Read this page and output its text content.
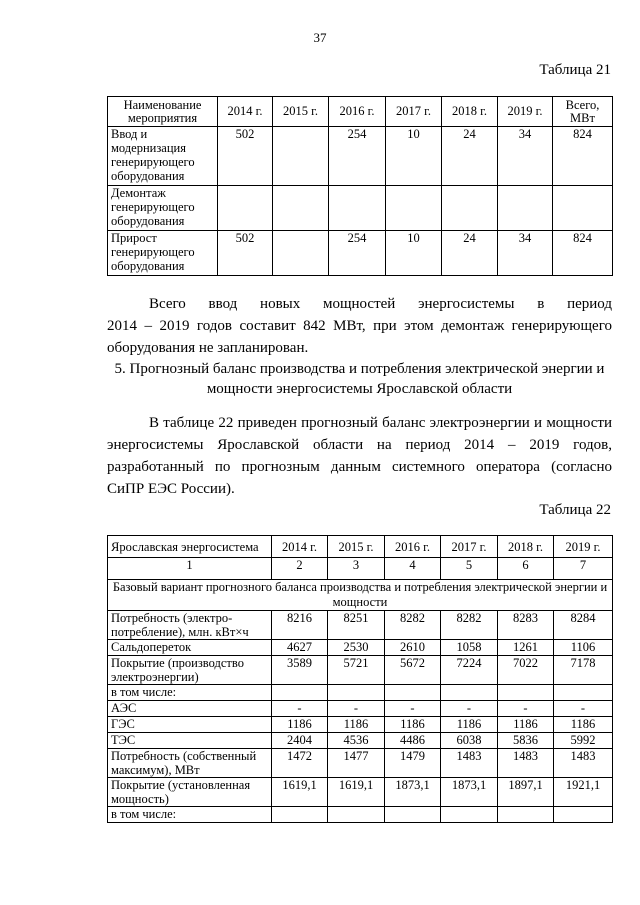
37
Таблица 21
Наименование мероприятия	2014 г.	2015 г.	2016 г.	2017 г.	2018 г.	2019 г.	Всего, МВт
Ввод и модернизация генерирующего оборудования	502		254	10	24	34	824
Демонтаж генерирующего оборудования							
Прирост генерирующего оборудования	502		254	10	24	34	824
Всего ввод новых мощностей энергосистемы в период
2014 – 2019 годов составит 842 МВт, при этом демонтаж генерирующего
оборудования не запланирован.
5. Прогнозный баланс производства и потребления электрической энергии и мощности энергосистемы Ярославской области
В таблице 22 приведен прогнозный баланс электроэнергии и мощности
энергосистемы Ярославской области на период 2014 – 2019 годов,
разработанный по прогнозным данным системного оператора (согласно
СиПР ЕЭС России).
Таблица 22
Ярославская энергосистема	2014 г.	2015 г.	2016 г.	2017 г.	2018 г.	2019 г.
1	2	3	4	5	6	7
Базовый вариант прогнозного баланса производства и потребления электрической энергии и мощности						
Потребность (электро-потребление), млн. кВт×ч	8216	8251	8282	8282	8283	8284
Сальдопереток	4627	2530	2610	1058	1261	1106
Покрытие (производство электроэнергии)	3589	5721	5672	7224	7022	7178
в том числе:						
АЭС	-	-	-	-	-	-
ГЭС	1186	1186	1186	1186	1186	1186
ТЭС	2404	4536	4486	6038	5836	5992
Потребность (собственный максимум), МВт	1472	1477	1479	1483	1483	1483
Покрытие (установленная мощность)	1619,1	1619,1	1873,1	1873,1	1897,1	1921,1
в том числе:						
